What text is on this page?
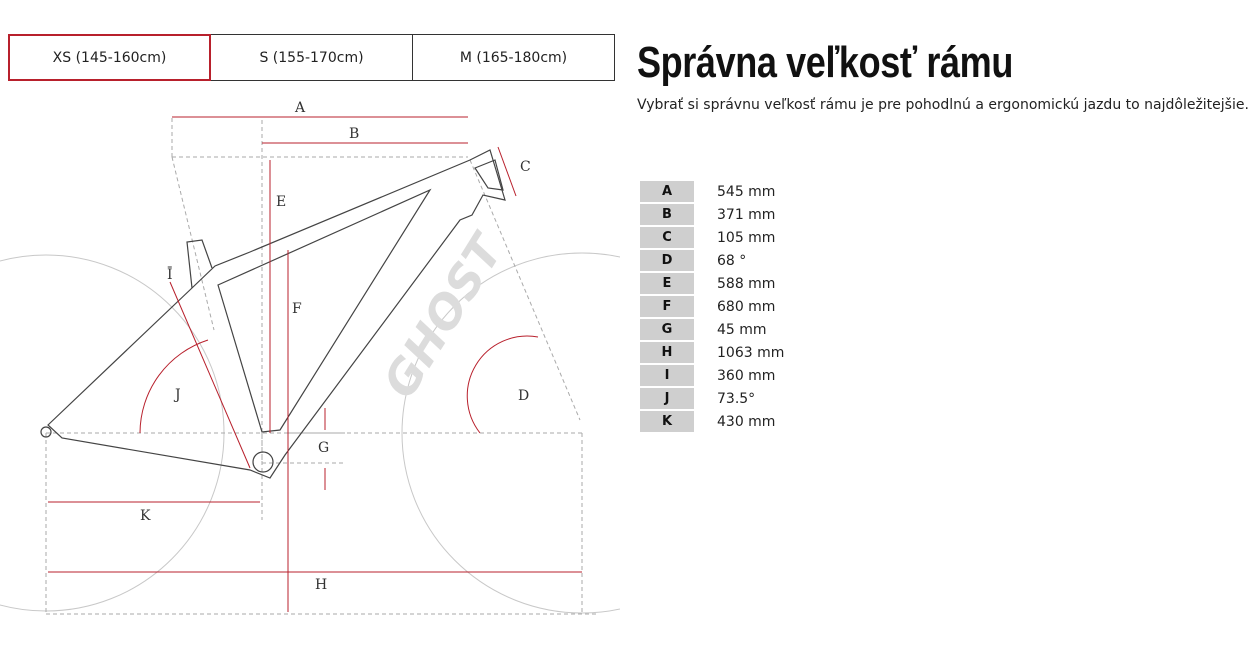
XS (145-160cm)	S (155-170cm)	M (165-180cm)	Správna veľkosť rámu
Vybrať si správnu veľkosť rámu je pre pohodlnú a ergonomickú jazdu to najdôležitejšie.
A	545 mm
B	371 mm
C	105 mm
D	68 °
E	588 mm
F	680 mm
G	45 mm
H	1063 mm
I	360 mm
J	73.5°
K	430 mm
GHOST
A
B
C
D
E
F
G
H
Ī
J
K
